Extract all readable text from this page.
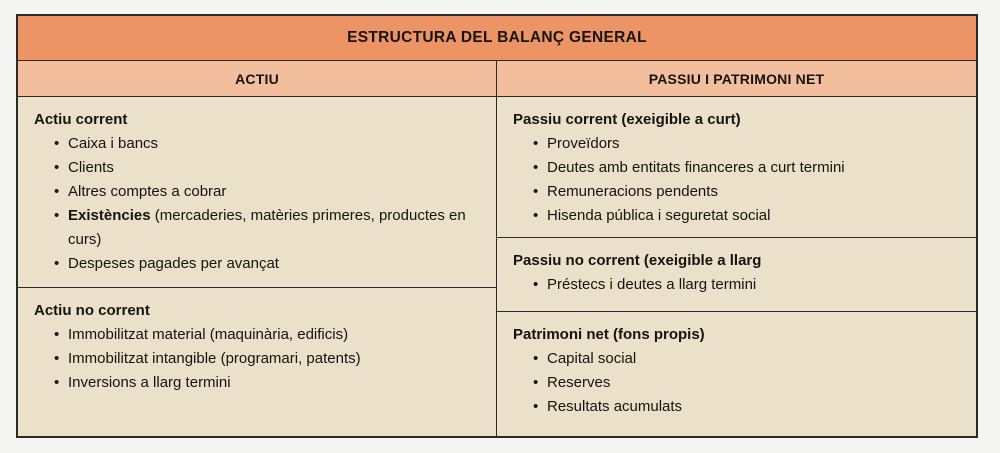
ESTRUCTURA DEL BALANÇ GENERAL
ACTIU	PASSIU I PATRIMONI NET
Actiu corrent
• Caixa i bancs
• Clients
• Altres comptes a cobrar
• Existències (mercaderies, matèries primeres, productes en curs)
• Despeses pagades per avançat
Actiu no corrent
• Immobilitzat material (maquinària, edificis)
• Immobilitzat intangible (programari, patents)
• Inversions a llarg termini
Passiu corrent (exeigible a curt)
• Proveïdors
• Deutes amb entitats financeres a curt termini
• Remuneracions pendents
• Hisenda pública i seguretat social
Passiu no corrent (exeigible a llarg
• Préstecs i deutes a llarg termini
Patrimoni net (fons propis)
• Capital social
• Reserves
• Resultats acumulats
